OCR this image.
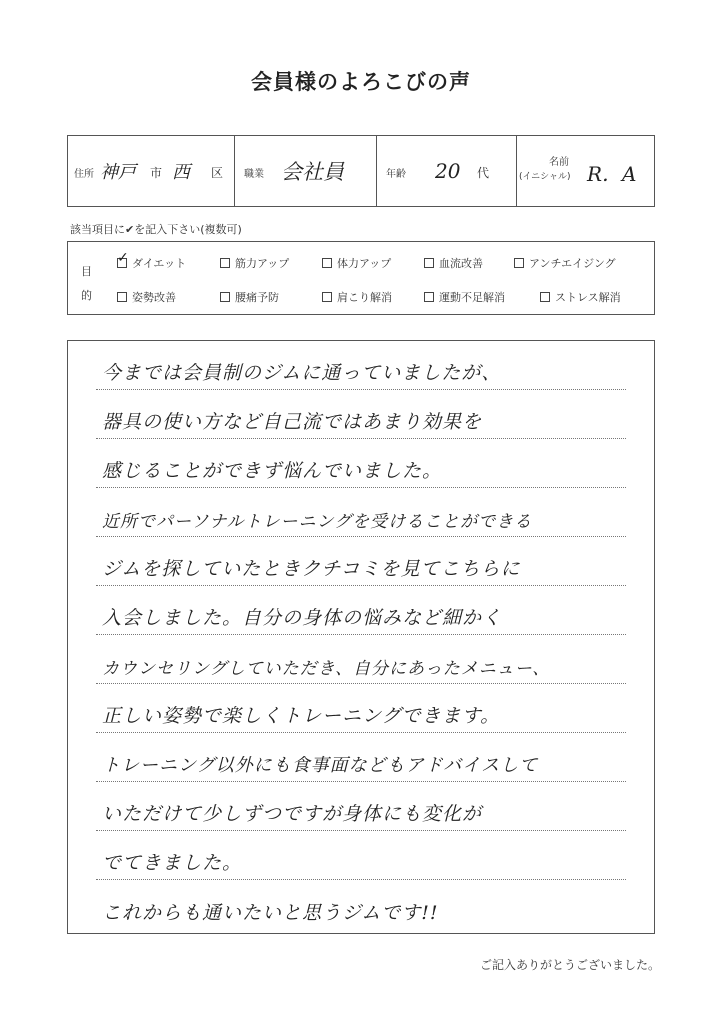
会員様のよろこびの声
住所 神戸 市 西 区 職業 会社員	年齢 20 代
名前
(イニシャル) R．A
該当項目に✔を記入下さい(複数可)
目
的
✓ダイエット	筋力アップ	体力アップ	血流改善	アンチエイジング
姿勢改善	腰痛予防	肩こり解消	運動不足解消	ストレス解消
今までは会員制のジムに通っていましたが、
器具の使い方など自己流ではあまり効果を
感じることができず悩んでいました。
近所でパーソナルトレーニングを受けることができる
ジムを探していたときクチコミを見てこちらに
入会しました。自分の身体の悩みなど細かく
カウンセリングしていただき、自分にあったメニュー、
正しい姿勢で楽しくトレーニングできます。
トレーニング以外にも食事面などもアドバイスして
いただけて少しずつですが身体にも変化が
でてきました。
これからも通いたいと思うジムです!!
ご記入ありがとうございました。
